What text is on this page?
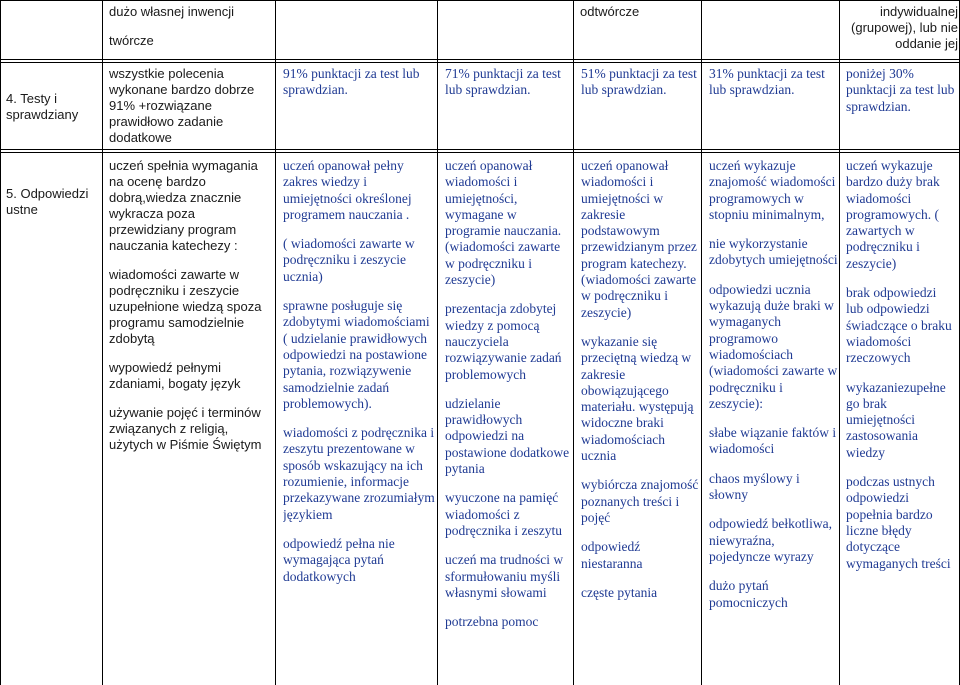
dużo własnej inwencji

twórcze

odtwórcze	indywidualnej (grupowej), lub nie oddanie jej

4. Testy i sprawdziany

wszystkie polecenia wykonane bardzo dobrze 91% +rozwiązane prawidłowo zadanie dodatkowe

91% punktacji za test lub sprawdzian.

71% punktacji za test lub sprawdzian.

51% punktacji za test lub sprawdzian.

31% punktacji za test lub sprawdzian.

poniżej 30% punktacji za test lub sprawdzian.

5. Odpowiedzi ustne

uczeń spełnia wymagania na ocenę bardzo dobrą,wiedza znacznie wykracza poza przewidziany program nauczania katechezy :

wiadomości zawarte w podręczniku i zeszycie uzupełnione wiedzą spoza programu samodzielnie zdobytą

wypowiedź pełnymi zdaniami, bogaty język

używanie pojęć i terminów związanych z religią, użytych w Piśmie Świętym

uczeń opanował pełny zakres wiedzy i umiejętności określonej programem nauczania .

( wiadomości zawarte w podręczniku i zeszycie ucznia)

sprawne posługuje się zdobytymi wiadomościami ( udzielanie prawidłowych odpowiedzi na postawione pytania, rozwiązywenie samodzielnie zadań problemowych).

wiadomości z podręcznika i zeszytu prezentowane w sposób wskazujący na ich rozumienie, informacje przekazywane zrozumiałym językiem

odpowiedź pełna nie wymagająca pytań dodatkowych

uczeń opanował wiadomości i umiejętności, wymagane w programie nauczania. (wiadomości zawarte w podręczniku i zeszycie)

prezentacja zdobytej wiedzy z pomocą nauczyciela rozwiązywanie zadań problemowych

udzielanie prawidłowych odpowiedzi na postawione dodatkowe pytania

wyuczone na pamięć wiadomości z podręcznika i zeszytu

uczeń ma trudności w sformułowaniu myśli własnymi słowami

potrzebna pomoc

uczeń opanował wiadomości i umiejętności w zakresie podstawowym przewidzianym przez program katechezy. (wiadomości zawarte w podręczniku i zeszycie)

wykazanie się przeciętną wiedzą w zakresie obowiązującego materiału. występują widoczne braki wiadomościach ucznia

wybiórcza znajomość poznanych treści i pojęć

odpowiedź niestaranna

częste pytania

uczeń wykazuje znajomość wiadomości programowych w stopniu minimalnym,

nie wykorzystanie zdobytych umiejętności

odpowiedzi ucznia wykazują duże braki w wymaganych programowo wiadomościach (wiadomości zawarte w podręczniku i zeszycie):

słabe wiązanie faktów i wiadomości

chaos myślowy i słowny

odpowiedź bełkotliwa, niewyraźna, pojedyncze wyrazy

dużo pytań pomocniczych

uczeń wykazuje bardzo duży brak wiadomości programowych. ( zawartych w podręczniku i zeszycie)

brak odpowiedzi lub odpowiedzi świadczące o braku wiadomości rzeczowych

wykazaniezupełne go brak umiejętności zastosowania wiedzy

podczas ustnych odpowiedzi popełnia bardzo liczne błędy dotyczące wymaganych treści
